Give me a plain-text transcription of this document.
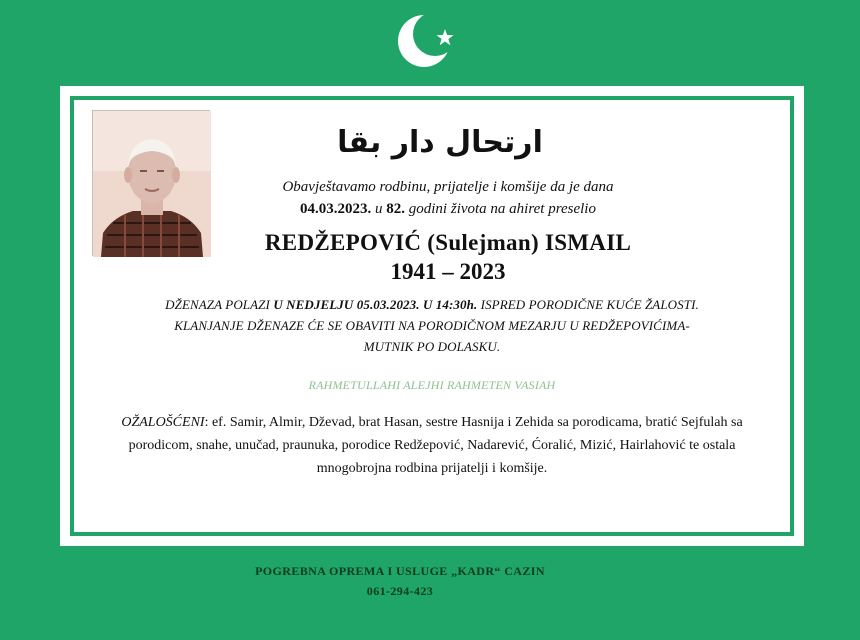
ارتحال دار بقا
Obavještavamo rodbinu, prijatelje i komšije da je dana
04.03.2023. u 82. godini života na ahiret preselio
REDŽEPOVIĆ (Sulejman) ISMAIL
1941 – 2023
DŽENAZA POLAZI U NEDJELJU 05.03.2023. U 14:30h. ISPRED PORODIČNE KUĆE ŽALOSTI.
KLANJANJE DŽENAZE ĆE SE OBAVITI NA PORODIČNOM MEZARJU U REDŽEPOVIĆIMA-
MUTNIK PO DOLASKU.
RAHMETULLAHI ALEJHI RAHMETEN VASIAH
OŽALOŠĆENI: ef. Samir, Almir, Dževad, brat Hasan, sestre Hasnija i Zehida sa porodicama, bratić Sejfulah sa porodicom, snahe, unučad, praunuka, porodice Redžepović, Nadarević, Ćoralić, Mizić, Hairlahović te ostala mnogobrojna rodbina prijatelji i komšije.
POGREBNA OPREMA I USLUGE „KADR“ CAZIN
061-294-423
